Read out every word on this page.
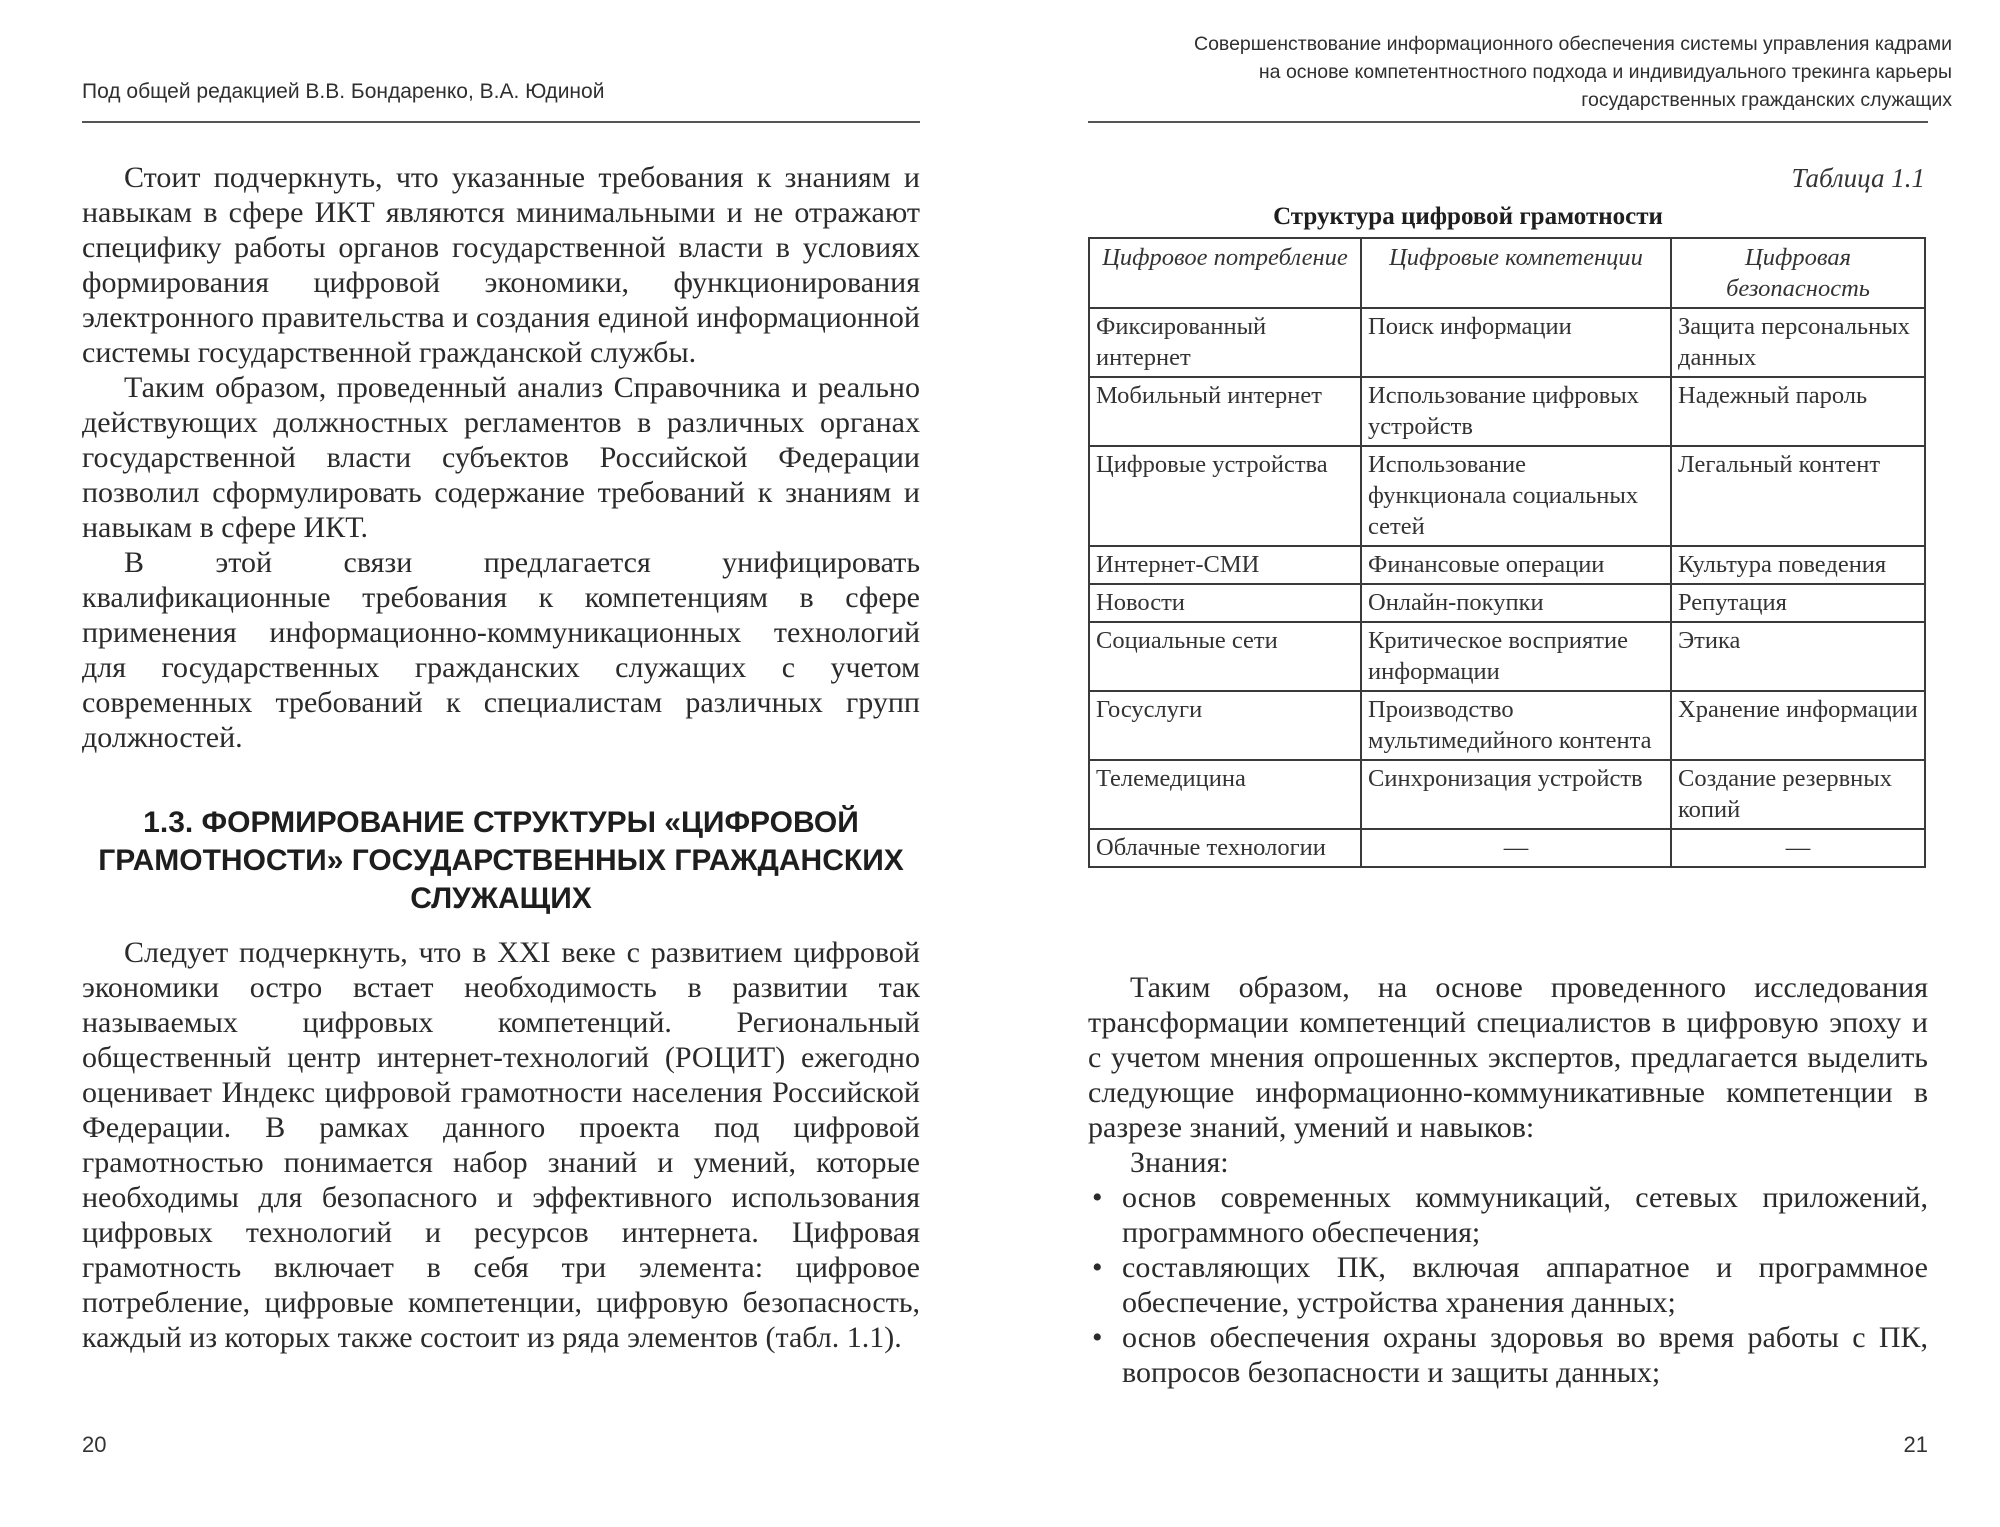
Под общей редакцией В.В. Бондаренко, В.А. Юдиной

Стоит подчеркнуть, что указанные требования к знаниям и навыкам в сфере ИКТ являются минимальными и не отражают специфику работы органов государственной власти в условиях формирования цифровой экономики, функционирования электронного правительства и создания единой информационной системы государственной гражданской службы.

Таким образом, проведенный анализ Справочника и реально действующих должностных регламентов в различных органах государственной власти субъектов Российской Федерации позволил сформулировать содержание требований к знаниям и навыкам в сфере ИКТ.

В этой связи предлагается унифицировать квалификационные требования к компетенциям в сфере применения информационно-коммуникационных технологий для государственных гражданских служащих с учетом современных требований к специалистам различных групп должностей.

1.3. ФОРМИРОВАНИЕ СТРУКТУРЫ «ЦИФРОВОЙ ГРАМОТНОСТИ» ГОСУДАРСТВЕННЫХ ГРАЖДАНСКИХ СЛУЖАЩИХ

Следует подчеркнуть, что в XXI веке с развитием цифровой экономики остро встает необходимость в развитии так называемых цифровых компетенций. Региональный общественный центр интернет-технологий (РОЦИТ) ежегодно оценивает Индекс цифровой грамотности населения Российской Федерации. В рамках данного проекта под цифровой грамотностью понимается набор знаний и умений, которые необходимы для безопасного и эффективного использования цифровых технологий и ресурсов интернета. Цифровая грамотность включает в себя три элемента: цифровое потребление, цифровые компетенции, цифровую безопасность, каждый из которых также состоит из ряда элементов (табл. 1.1).

20
Совершенствование информационного обеспечения системы управления кадрами
на основе компетентностного подхода и индивидуального трекинга карьеры
государственных гражданских служащих
Таблица 1.1
Структура цифровой грамотности
Цифровое потребление	Цифровые компетенции	Цифровая безопасность
Фиксированный интернет	Поиск информации	Защита персональных данных
Мобильный интернет	Использование цифровых устройств	Надежный пароль
Цифровые устройства	Использование функционала социальных сетей	Легальный контент
Интернет-СМИ	Финансовые операции	Культура поведения
Новости	Онлайн-покупки	Репутация
Социальные сети	Критическое восприятие информации	Этика
Госуслуги	Производство мультимедийного контента	Хранение информации
Телемедицина	Синхронизация устройств	Создание резервных копий
Облачные технологии	—	—

Таким образом, на основе проведенного исследования трансформации компетенций специалистов в цифровую эпоху и с учетом мнения опрошенных экспертов, предлагается выделить следующие информационно-коммуникативные компетенции в разрезе знаний, умений и навыков:

Знания:

• основ современных коммуникаций, сетевых приложений, программного обеспечения;
• составляющих ПК, включая аппаратное и программное обеспечение, устройства хранения данных;
• основ обеспечения охраны здоровья во время работы с ПК, вопросов безопасности и защиты данных;
21
